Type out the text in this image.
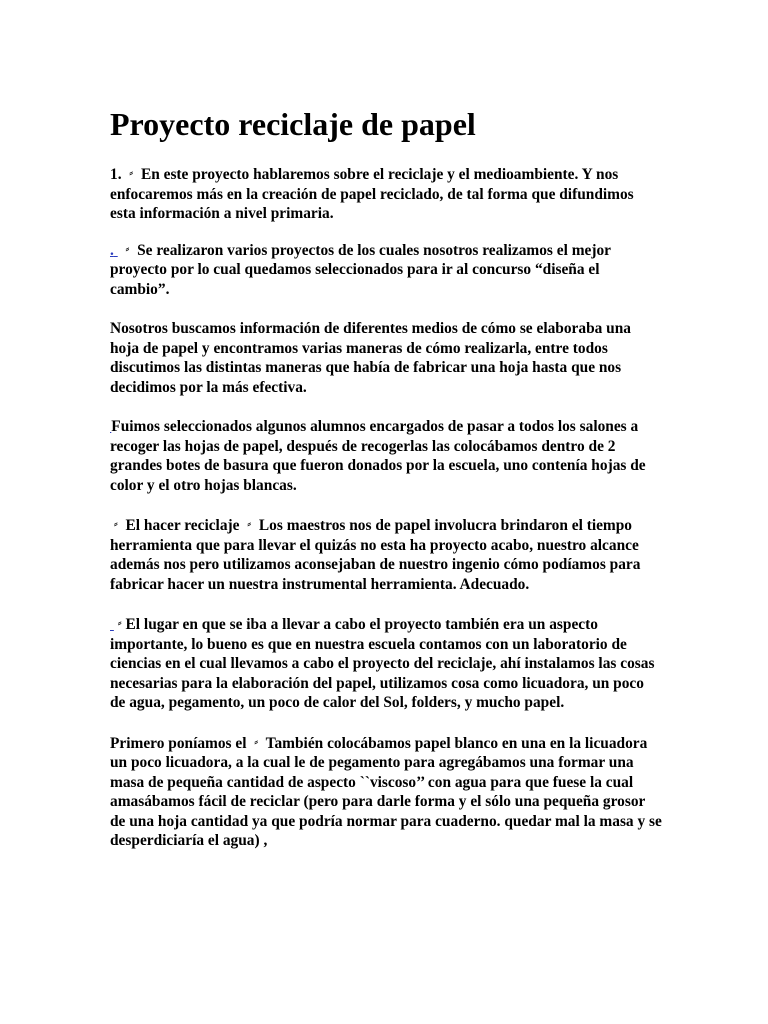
Proyecto reciclaje de papel

1. ⸗ En este proyecto hablaremos sobre el reciclaje y el medioambiente. Y nos enfocaremos más en la creación de papel reciclado, de tal forma que difundimos esta información a nivel primaria.

. ⸗ Se realizaron varios proyectos de los cuales nosotros realizamos el mejor proyecto por lo cual quedamos seleccionados para ir al concurso “diseña el cambio”.

Nosotros buscamos información de diferentes medios de cómo se elaboraba una hoja de papel y encontramos varias maneras de cómo realizarla, entre todos discutimos las distintas maneras que había de fabricar una hoja hasta que nos decidimos por la más efectiva.

 Fuimos seleccionados algunos alumnos encargados de pasar a todos los salones a recoger las hojas de papel, después de recogerlas las colocábamos dentro de 2 grandes botes de basura que fueron donados por la escuela, uno contenía hojas de color y el otro hojas blancas.

⸗ El hacer reciclaje ⸗ Los maestros nos de papel involucra brindaron el tiempo herramienta que para llevar el quizás no esta ha proyecto acabo, nuestro alcance además nos pero utilizamos aconsejaban de nuestro ingenio cómo podíamos para fabricar hacer un nuestra instrumental herramienta. Adecuado.

⸗ El lugar en que se iba a llevar a cabo el proyecto también era un aspecto importante, lo bueno es que en nuestra escuela contamos con un laboratorio de ciencias en el cual llevamos a cabo el proyecto del reciclaje, ahí instalamos las cosas necesarias para la elaboración del papel, utilizamos cosa como licuadora, un poco de agua, pegamento, un poco de calor del Sol, folders, y mucho papel.

Primero poníamos el ⸗ También colocábamos papel blanco en una en la licuadora un poco licuadora, a la cual le de pegamento para agregábamos una formar una masa de pequeña cantidad de aspecto ``viscoso’’ con agua para que fuese la cual amasábamos fácil de reciclar (pero para darle forma y el sólo una pequeña grosor de una hoja cantidad ya que podría normar para cuaderno. quedar mal la masa y se desperdiciaría el agua) ,
